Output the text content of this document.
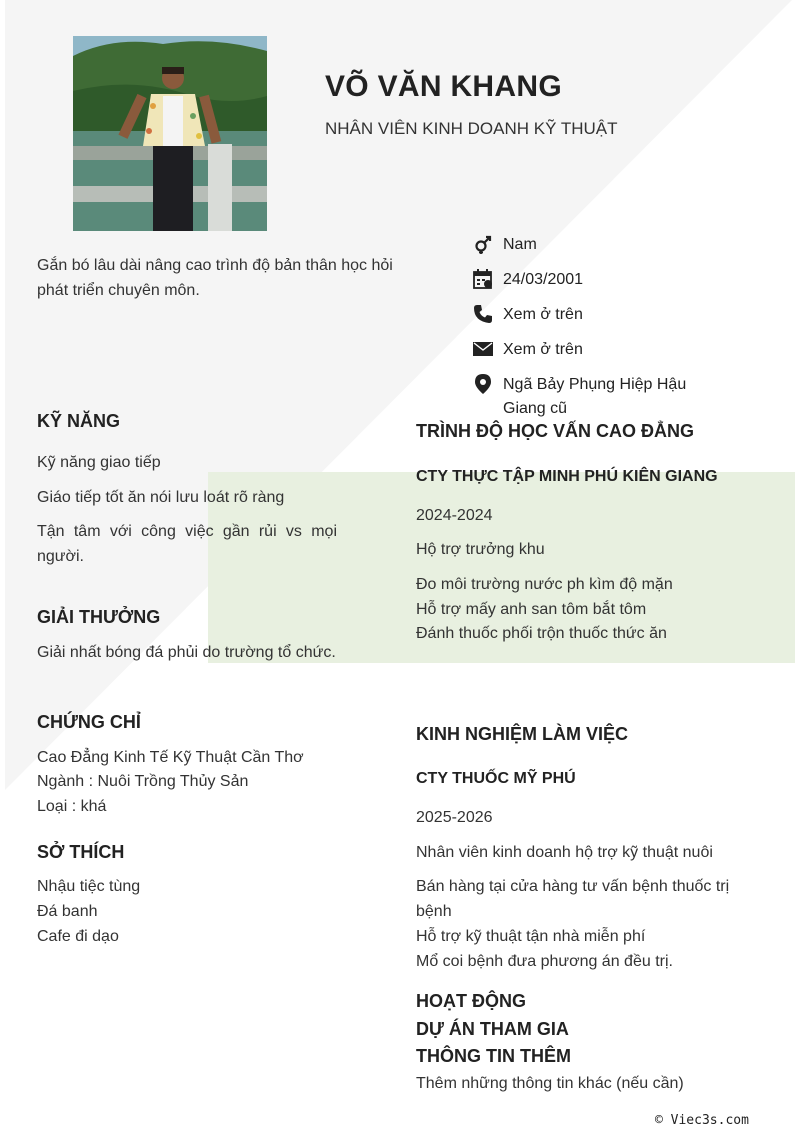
VÕ VĂN KHANG
NHÂN VIÊN KINH DOANH KỸ THUẬT
Gắn bó lâu dài nâng cao trình độ bản thân học hỏi phát triển chuyên môn.
Nam
24/03/2001
Xem ở trên
Xem ở trên
Ngã Bảy Phụng Hiệp Hậu Giang cũ
KỸ NĂNG
Kỹ năng giao tiếp
Giáo tiếp tốt ăn nói lưu loát rõ ràng
Tận tâm với công việc gần rủi vs mọi người.
GIẢI THƯỞNG
Giải nhất bóng đá phủi do trường tổ chức.
CHỨNG CHỈ
Cao Đẳng Kinh Tế Kỹ Thuật Cần Thơ
Ngành : Nuôi Trồng Thủy Sản
Loại : khá
SỞ THÍCH
Nhậu tiệc tùng
Đá banh
Cafe đi dạo
TRÌNH ĐỘ HỌC VẤN CAO ĐẲNG
CTY THỰC TẬP MINH PHÚ KIÊN GIANG
2024-2024
Hộ trợ trưởng khu
Đo môi trường nước ph kìm độ mặn
Hỗ trợ mấy anh san tôm bắt tôm
Đánh thuốc phối trộn thuốc thức ăn
KINH NGHIỆM LÀM VIỆC
CTY THUỐC MỸ PHÚ
2025-2026
Nhân viên kinh doanh hộ trợ kỹ thuật nuôi
Bán hàng tại cửa hàng tư vấn bệnh thuốc trị bệnh
Hỗ trợ kỹ thuật tận nhà miễn phí
Mổ coi bệnh đưa phương án đều trị.
HOẠT ĐỘNG
DỰ ÁN THAM GIA
THÔNG TIN THÊM
Thêm những thông tin khác (nếu cần)
© Viec3s.com
